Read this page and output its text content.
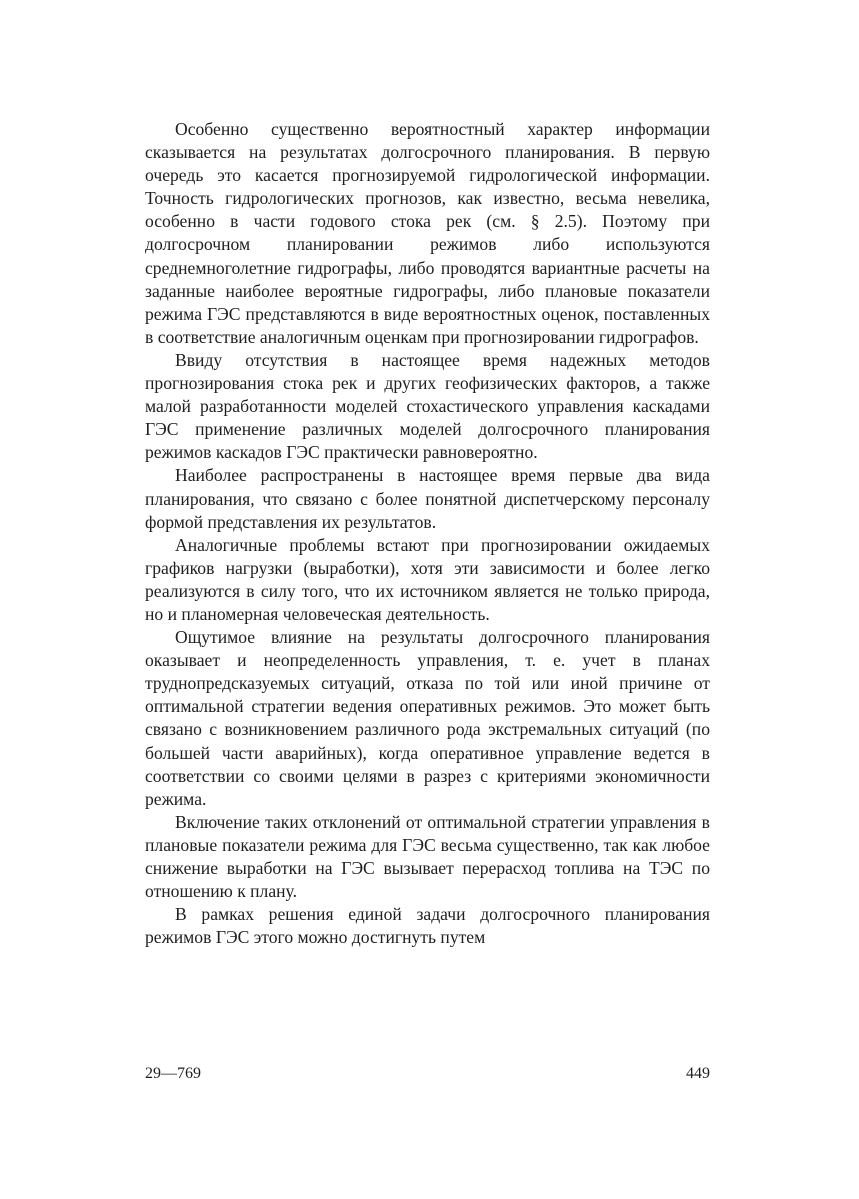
Особенно существенно вероятностный характер информации сказывается на результатах долгосрочного планирования. В первую очередь это касается прогнозируемой гидрологической информации. Точность гидрологических прогнозов, как известно, весьма невелика, особенно в части годового стока рек (см. § 2.5). Поэтому при долгосрочном планировании режимов либо используются среднемноголетние гидрографы, либо проводятся вариантные расчеты на заданные наиболее вероятные гидрографы, либо плановые показатели режима ГЭС представляются в виде вероятностных оценок, поставленных в соответствие аналогичным оценкам при прогнозировании гидрографов.

Ввиду отсутствия в настоящее время надежных методов прогнозирования стока рек и других геофизических факторов, а также малой разработанности моделей стохастического управления каскадами ГЭС применение различных моделей долгосрочного планирования режимов каскадов ГЭС практически равновероятно.

Наиболее распространены в настоящее время первые два вида планирования, что связано с более понятной диспетчерскому персоналу формой представления их результатов.

Аналогичные проблемы встают при прогнозировании ожидаемых графиков нагрузки (выработки), хотя эти зависимости и более легко реализуются в силу того, что их источником является не только природа, но и планомерная человеческая деятельность.

Ощутимое влияние на результаты долгосрочного планирования оказывает и неопределенность управления, т. е. учет в планах труднопредсказуемых ситуаций, отказа по той или иной причине от оптимальной стратегии ведения оперативных режимов. Это может быть связано с возникновением различного рода экстремальных ситуаций (по большей части аварийных), когда оперативное управление ведется в соответствии со своими целями в разрез с критериями экономичности режима.

Включение таких отклонений от оптимальной стратегии управления в плановые показатели режима для ГЭС весьма существенно, так как любое снижение выработки на ГЭС вызывает перерасход топлива на ТЭС по отношению к плану.

В рамках решения единой задачи долгосрочного планирования режимов ГЭС этого можно достигнуть путем

29—769	449
